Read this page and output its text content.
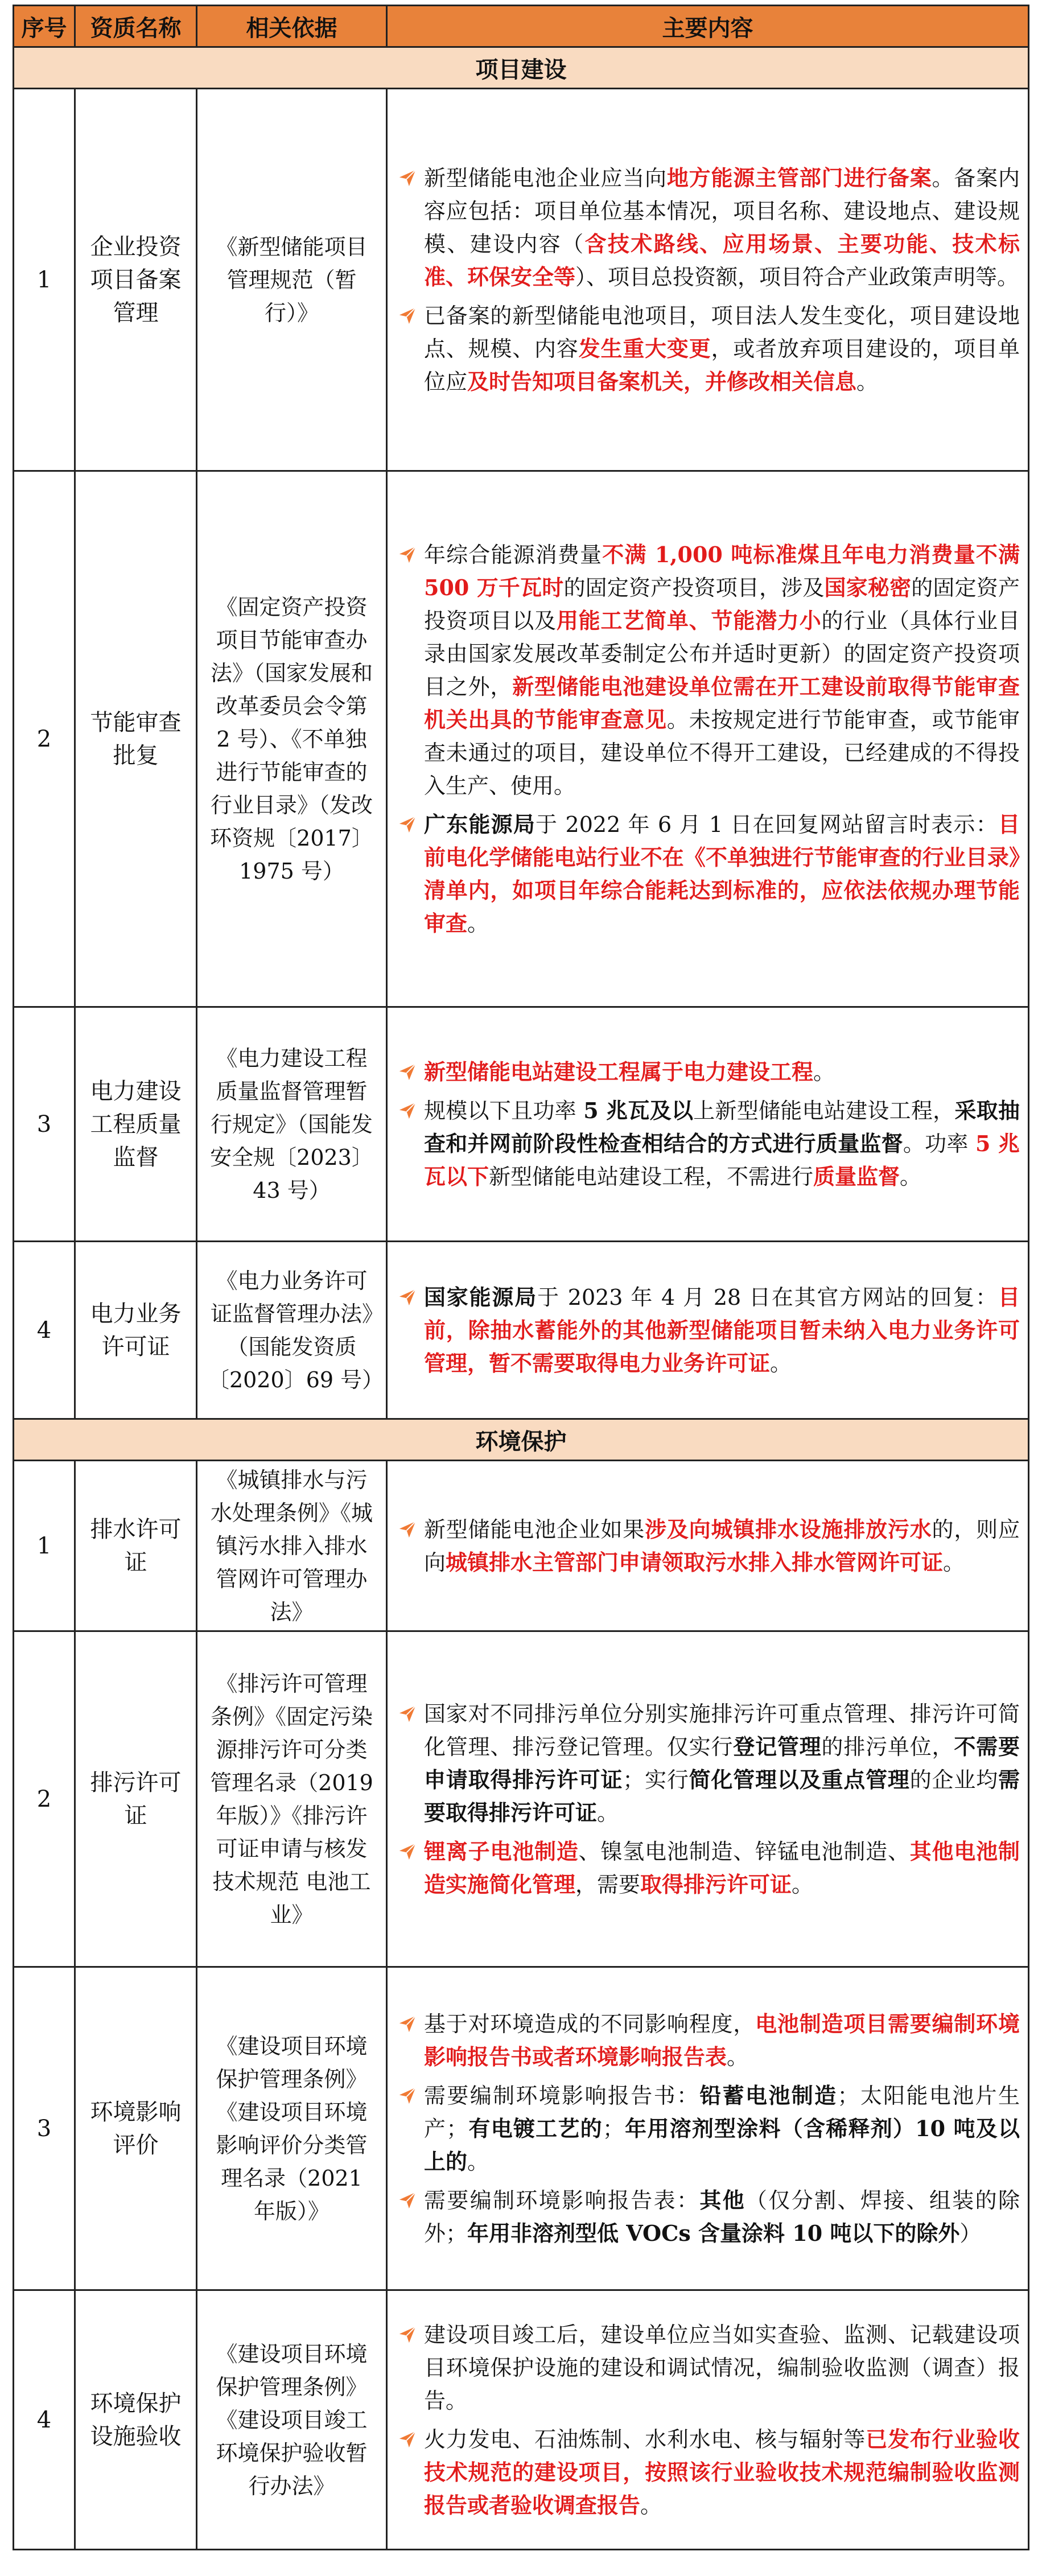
序号	资质名称	相关依据	主要内容
项目建设			
1	企业投资项目备案管理	《新型储能项目管理规范（暂行）》	新型储能电池企业应当向地方能源主管部门进行备案。备案内容应包括：项目单位基本情况，项目名称、建设地点、建设规模、建设内容（含技术路线、应用场景、主要功能、技术标准、环保安全等）、项目总投资额，项目符合产业政策声明等。
已备案的新型储能电池项目，项目法人发生变化，项目建设地点、规模、内容发生重大变更，或者放弃项目建设的，项目单位应及时告知项目备案机关，并修改相关信息。

2	节能审查批复	《固定资产投资项目节能审查办法》（国家发展和改革委员会令第 2 号）、《不单独进行节能审查的行业目录》（发改环资规〔2017〕1975 号）	年综合能源消费量不满 1,000 吨标准煤且年电力消费量不满 500 万千瓦时的固定资产投资项目，涉及国家秘密的固定资产投资项目以及用能工艺简单、节能潜力小的行业（具体行业目录由国家发展改革委制定公布并适时更新）的固定资产投资项目之外，新型储能电池建设单位需在开工建设前取得节能审查机关出具的节能审查意见。未按规定进行节能审查，或节能审查未通过的项目，建设单位不得开工建设，已经建成的不得投入生产、使用。
广东能源局于 2022 年 6 月 1 日在回复网站留言时表示：目前电化学储能电站行业不在《不单独进行节能审查的行业目录》清单内，如项目年综合能耗达到标准的，应依法依规办理节能审查。

3	电力建设工程质量监督	《电力建设工程质量监督管理暂行规定》（国能发安全规〔2023〕43 号）	新型储能电站建设工程属于电力建设工程。
规模以下且功率 5 兆瓦及以上新型储能电站建设工程，采取抽查和并网前阶段性检查相结合的方式进行质量监督。功率 5 兆瓦以下新型储能电站建设工程，不需进行质量监督。

4	电力业务许可证	《电力业务许可证监督管理办法》（国能发资质〔2020〕69 号）	国家能源局于 2023 年 4 月 28 日在其官方网站的回复：目前，除抽水蓄能外的其他新型储能项目暂未纳入电力业务许可管理，暂不需要取得电力业务许可证。

环境保护			
1	排水许可证	《城镇排水与污水处理条例》《城镇污水排入排水管网许可管理办法》	新型储能电池企业如果涉及向城镇排水设施排放污水的，则应向城镇排水主管部门申请领取污水排入排水管网许可证。

2	排污许可证	《排污许可管理条例》《固定污染源排污许可分类管理名录（2019 年版）》《排污许可证申请与核发技术规范 电池工业》	国家对不同排污单位分别实施排污许可重点管理、排污许可简化管理、排污登记管理。仅实行登记管理的排污单位，不需要申请取得排污许可证；实行简化管理以及重点管理的企业均需要取得排污许可证。
锂离子电池制造、镍氢电池制造、锌锰电池制造、其他电池制造实施简化管理，需要取得排污许可证。

3	环境影响评价	《建设项目环境保护管理条例》《建设项目环境影响评价分类管理名录（2021 年版）》	基于对环境造成的不同影响程度，电池制造项目需要编制环境影响报告书或者环境影响报告表。
需要编制环境影响报告书：铅蓄电池制造；太阳能电池片生产；有电镀工艺的；年用溶剂型涂料（含稀释剂）10 吨及以上的。
需要编制环境影响报告表：其他（仅分割、焊接、组装的除外；年用非溶剂型低 VOCs 含量涂料 10 吨以下的除外）

4	环境保护设施验收	《建设项目环境保护管理条例》《建设项目竣工环境保护验收暂行办法》	建设项目竣工后，建设单位应当如实查验、监测、记载建设项目环境保护设施的建设和调试情况，编制验收监测（调查）报告。
火力发电、石油炼制、水利水电、核与辐射等已发布行业验收技术规范的建设项目，按照该行业验收技术规范编制验收监测报告或者验收调查报告。
